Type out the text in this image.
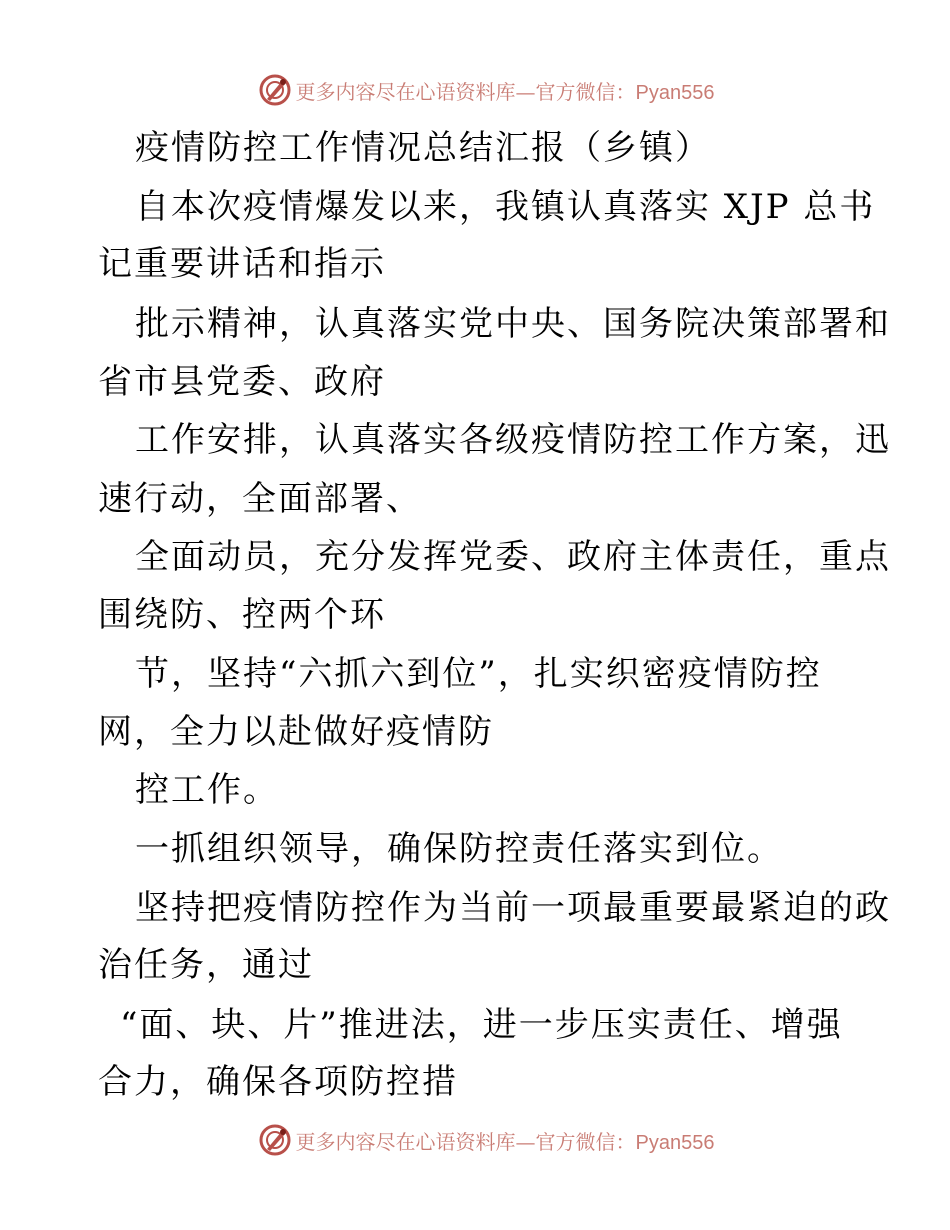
更多内容尽在心语资料库—官方微信：Pyan556
疫情防控工作情况总结汇报（乡镇）
自本次疫情爆发以来，我镇认真落实 XJP 总书
记重要讲话和指示
批示精神，认真落实党中央、国务院决策部署和
省市县党委、政府
工作安排，认真落实各级疫情防控工作方案，迅
速行动，全面部署、
全面动员，充分发挥党委、政府主体责任，重点
围绕防、控两个环
节，坚持“六抓六到位”，扎实织密疫情防控
网，全力以赴做好疫情防
控工作。
一抓组织领导，确保防控责任落实到位。
坚持把疫情防控作为当前一项最重要最紧迫的政
治任务，通过
“面、块、片”推进法，进一步压实责任、增强
合力，确保各项防控措
更多内容尽在心语资料库—官方微信：Pyan556
